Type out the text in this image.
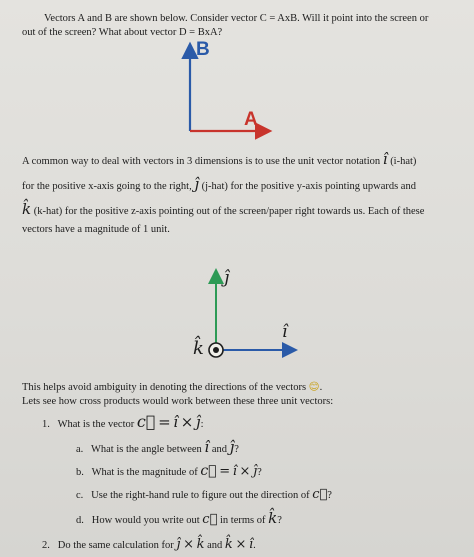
Vectors A and B are shown below. Consider vector C = AxB. Will it point into the screen or
out of the screen? What about vector D = BxA?
B
A
A common way to deal with vectors in 3 dimensions is to use the unit vector notation î (i-hat)
for the positive x-axis going to the right, ĵ (j-hat) for the positive y-axis pointing upwards and
k̂ (k-hat) for the positive z-axis pointing out of the screen/paper right towards us. Each of these
vectors have a magnitude of 1 unit.
ĵ
î
k̂
This helps avoid ambiguity in denoting the directions of the vectors 😊.
Lets see how cross products would work between these three unit vectors:
1. What is the vector c⃗ = î × ĵ:
a. What is the angle between î and ĵ?
b. What is the magnitude of c⃗ = î × ĵ?
c. Use the right-hand rule to figure out the direction of c⃗?
d. How would you write out c⃗ in terms of k̂?
2. Do the same calculation for ĵ × k̂ and k̂ × î.
